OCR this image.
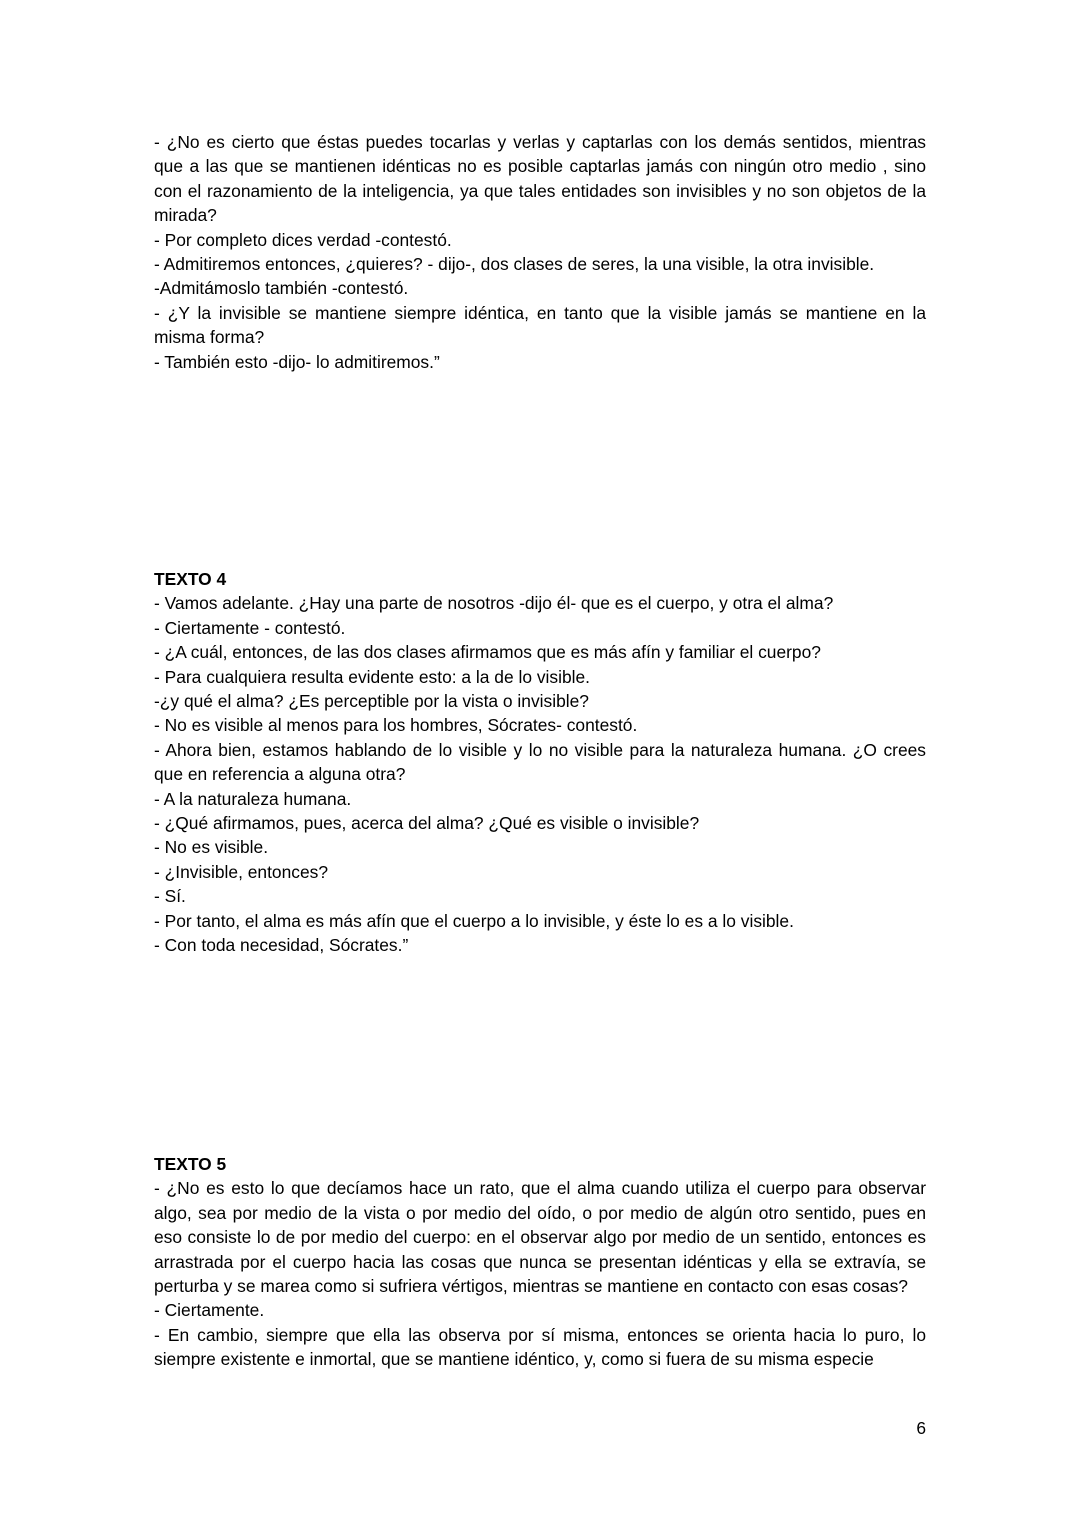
- ¿No es cierto que éstas puedes tocarlas y verlas y captarlas con los demás sentidos, mientras que a las que se mantienen idénticas no es posible captarlas jamás con ningún otro medio , sino con el razonamiento de la inteligencia, ya que tales entidades son invisibles y no son objetos de la mirada?

- Por completo dices verdad -contestó.
- Admitiremos entonces, ¿quieres? - dijo-, dos clases de seres, la una visible, la otra invisible.
-Admitámoslo también -contestó.

- ¿Y la invisible se mantiene siempre idéntica, en tanto que la visible jamás se mantiene en la misma forma?

- También esto -dijo- lo admitiremos.”
TEXTO 4
- Vamos adelante. ¿Hay una parte de nosotros -dijo él- que es el cuerpo, y otra el alma?
- Ciertamente - contestó.
- ¿A cuál, entonces, de las dos clases afirmamos que es más afín y familiar el cuerpo?
- Para cualquiera resulta evidente esto: a la de lo visible.
-¿y qué el alma? ¿Es perceptible por la vista o invisible?
- No es visible al menos para los hombres, Sócrates- contestó.

- Ahora bien, estamos hablando de lo visible y lo no visible para la naturaleza humana. ¿O crees que en referencia a alguna otra?

- A la naturaleza humana.
- ¿Qué afirmamos, pues, acerca del alma? ¿Qué es visible o invisible?
- No es visible.
- ¿Invisible, entonces?
- Sí.
- Por tanto, el alma es más afín que el cuerpo a lo invisible, y éste lo es a lo visible.
- Con toda necesidad, Sócrates.”
TEXTO 5

- ¿No es esto lo que decíamos hace un rato, que el alma cuando utiliza el cuerpo para observar algo, sea por medio de la vista o por medio del oído, o por medio de algún otro sentido, pues en eso consiste lo de por medio del cuerpo: en el observar algo por medio de un sentido, entonces es arrastrada por el cuerpo hacia las cosas que nunca se presentan idénticas y ella se extravía, se perturba y se marea como si sufriera vértigos, mientras se mantiene en contacto con esas cosas?

- Ciertamente.

- En cambio, siempre que ella las observa por sí misma, entonces se orienta hacia lo puro, lo siempre existente e inmortal, que se mantiene idéntico, y, como si fuera de su misma especie

6
